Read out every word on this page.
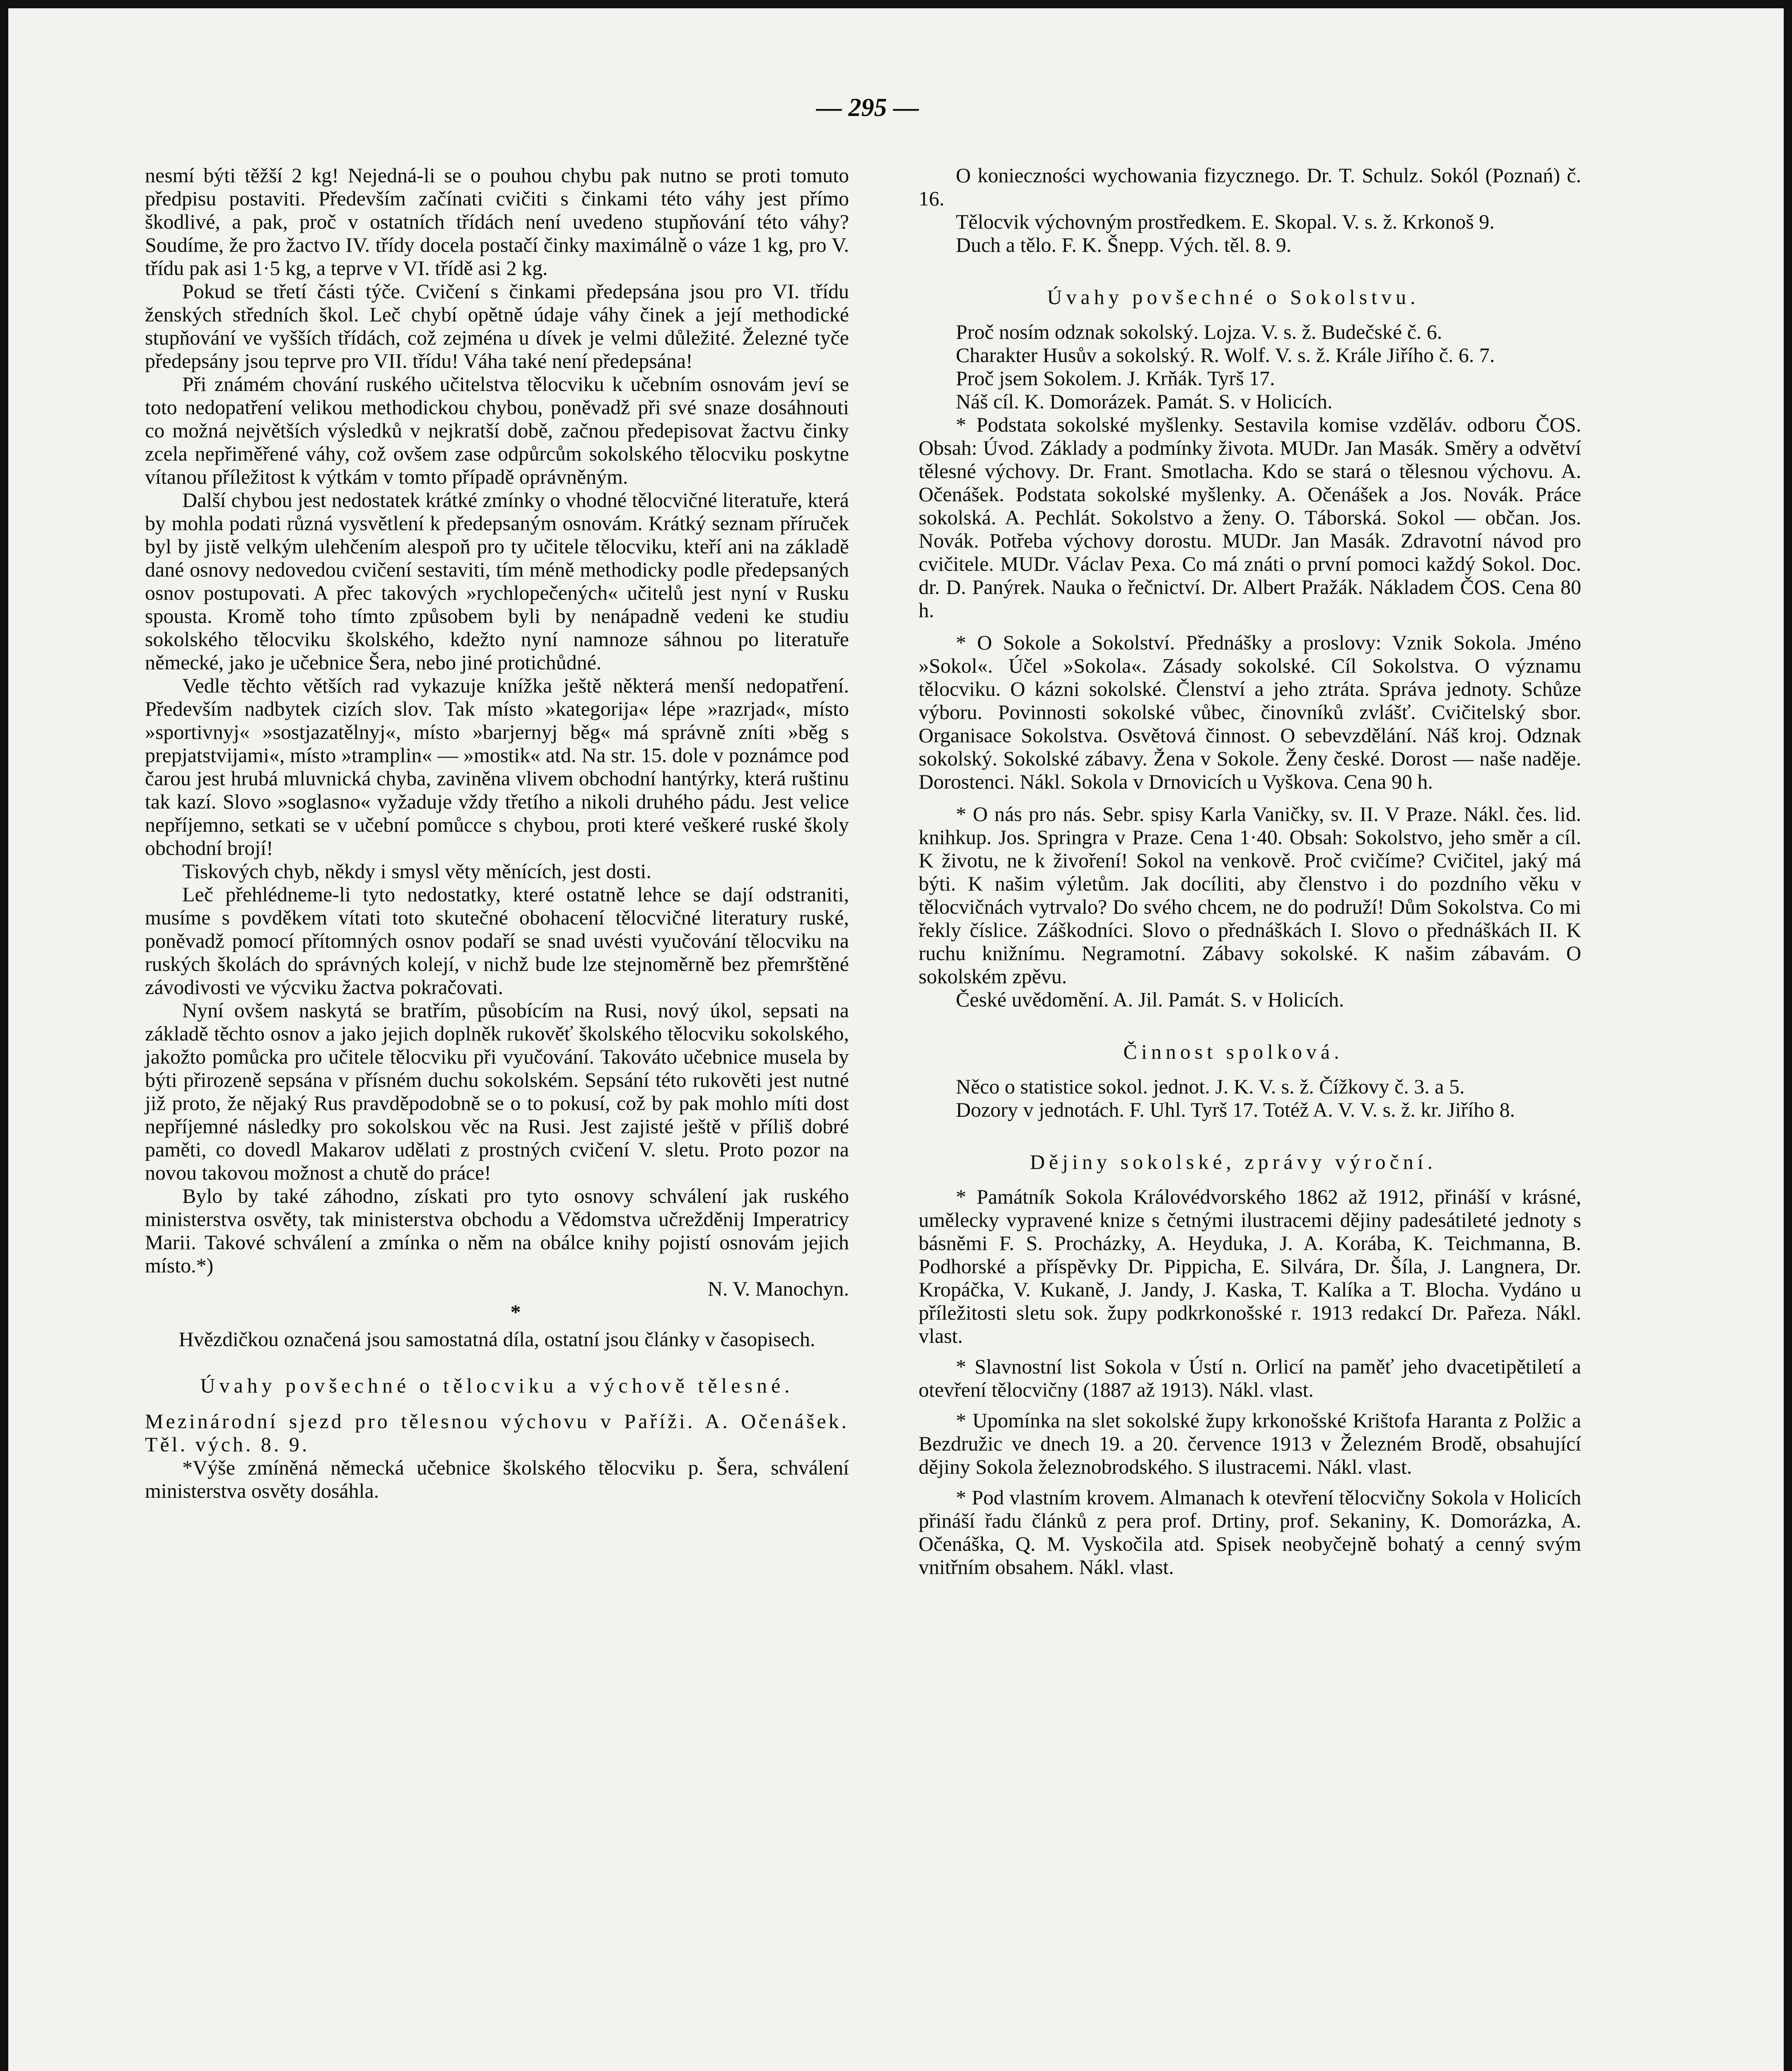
— 295 —

nesmí býti těžší 2 kg! Nejedná-li se o pouhou chybu pak nutno se proti tomuto předpisu postaviti. Především začínati cvičiti s činkami této váhy jest přímo škodlivé, a pak, proč v ostatních třídách není uvedeno stupňování této váhy? Soudíme, že pro žactvo IV. třídy docela postačí činky maximálně o váze 1 kg, pro V. třídu pak asi 1·5 kg, a teprve v VI. třídě asi 2 kg.

Pokud se třetí části týče. Cvičení s činkami předepsána jsou pro VI. třídu ženských středních škol. Leč chybí opětně údaje váhy činek a její methodické stupňování ve vyšších třídách, což zejména u dívek je velmi důležité. Železné tyče předepsány jsou teprve pro VII. třídu! Váha také není předepsána!

Při známém chování ruského učitelstva tělocviku k učebním osnovám jeví se toto nedopatření velikou methodickou chybou, poněvadž při své snaze dosáhnouti co možná největších výsledků v nejkratší době, začnou předepisovat žactvu činky zcela nepřiměřené váhy, což ovšem zase odpůrcům sokolského tělocviku poskytne vítanou příležitost k výtkám v tomto případě oprávněným.

Další chybou jest nedostatek krátké zmínky o vhodné tělocvičné literatuře, která by mohla podati různá vysvětlení k předepsaným osnovám. Krátký seznam příruček byl by jistě velkým ulehčením alespoň pro ty učitele tělocviku, kteří ani na základě dané osnovy nedovedou cvičení sestaviti, tím méně methodicky podle předepsaných osnov postupovati. A přec takových »rychlopečených« učitelů jest nyní v Rusku spousta. Kromě toho tímto způsobem byli by nenápadně vedeni ke studiu sokolského tělocviku školského, kdežto nyní namnoze sáhnou po literatuře německé, jako je učebnice Šera, nebo jiné protichůdné.

Vedle těchto větších rad vykazuje knížka ještě některá menší nedopatření. Především nadbytek cizích slov. Tak místo »kategorija« lépe »razrjad«, místo »sportivnyj« »sostjazatělnyj«, místo »barjernyj běg« má správně zníti »běg s prepjatstvijami«, místo »tramplin« — »mostik« atd. Na str. 15. dole v poznámce pod čarou jest hrubá mluvnická chyba, zaviněna vlivem obchodní hantýrky, která ruštinu tak kazí. Slovo »soglasno« vyžaduje vždy třetího a nikoli druhého pádu. Jest velice nepříjemno, setkati se v učební pomůcce s chybou, proti které veškeré ruské školy obchodní brojí!

Tiskových chyb, někdy i smysl věty měnících, jest dosti.

Leč přehlédneme-li tyto nedostatky, které ostatně lehce se dají odstraniti, musíme s povděkem vítati toto skutečné obohacení tělocvičné literatury ruské, poněvadž pomocí přítomných osnov podaří se snad uvésti vyučování tělocviku na ruských školách do správných kolejí, v nichž bude lze stejnoměrně bez přemrštěné závodivosti ve výcviku žactva pokračovati.

Nyní ovšem naskytá se bratřím, působícím na Rusi, nový úkol, sepsati na základě těchto osnov a jako jejich doplněk rukověť školského tělocviku sokolského, jakožto pomůcka pro učitele tělocviku při vyučování. Takováto učebnice musela by býti přirozeně sepsána v přísném duchu sokolském. Sepsání této rukověti jest nutné již proto, že nějaký Rus pravděpodobně se o to pokusí, což by pak mohlo míti dost nepříjemné následky pro sokolskou věc na Rusi. Jest zajisté ještě v příliš dobré paměti, co dovedl Makarov udělati z prostných cvičení V. sletu. Proto pozor na novou takovou možnost a chutě do práce!

Bylo by také záhodno, získati pro tyto osnovy schválení jak ruského ministerstva osvěty, tak ministerstva obchodu a Vědomstva učrežděnij Imperatricy Marii. Takové schválení a zmínka o něm na obálce knihy pojistí osnovám jejich místo.*)

N. V. Manochyn.

*

Hvězdičkou označená jsou samostatná díla, ostatní jsou články v časopisech.

Úvahy povšechné o tělocviku a výchově tělesné.

Mezinárodní sjezd pro tělesnou výchovu v Paříži. A. Očenášek. Těl. vých. 8. 9.

*Výše zmíněná německá učebnice školského tělocviku p. Šera, schválení ministerstva osvěty dosáhla.

O konieczności wychowania fizycznego. Dr. T. Schulz. Sokól (Poznań) č. 16.

Tělocvik výchovným prostředkem. E. Skopal. V. s. ž. Krkonoš 9.

Duch a tělo. F. K. Šnepp. Vých. těl. 8. 9.

Úvahy povšechné o Sokolstvu.

Proč nosím odznak sokolský. Lojza. V. s. ž. Budečské č. 6.

Charakter Husův a sokolský. R. Wolf. V. s. ž. Krále Jiřího č. 6. 7.

Proč jsem Sokolem. J. Krňák. Tyrš 17.

Náš cíl. K. Domorázek. Památ. S. v Holicích.

* Podstata sokolské myšlenky. Sestavila komise vzděláv. odboru ČOS. Obsah: Úvod. Základy a podmínky života. MUDr. Jan Masák. Směry a odvětví tělesné výchovy. Dr. Frant. Smotlacha. Kdo se stará o tělesnou výchovu. A. Očenášek. Podstata sokolské myšlenky. A. Očenášek a Jos. Novák. Práce sokolská. A. Pechlát. Sokolstvo a ženy. O. Táborská. Sokol — občan. Jos. Novák. Potřeba výchovy dorostu. MUDr. Jan Masák. Zdravotní návod pro cvičitele. MUDr. Václav Pexa. Co má znáti o první pomoci každý Sokol. Doc. dr. D. Panýrek. Nauka o řečnictví. Dr. Albert Pražák. Nákladem ČOS. Cena 80 h.

* O Sokole a Sokolství. Přednášky a proslovy: Vznik Sokola. Jméno »Sokol«. Účel »Sokola«. Zásady sokolské. Cíl Sokolstva. O významu tělocviku. O kázni sokolské. Členství a jeho ztráta. Správa jednoty. Schůze výboru. Povinnosti sokolské vůbec, činovníků zvlášť. Cvičitelský sbor. Organisace Sokolstva. Osvětová činnost. O sebevzdělání. Náš kroj. Odznak sokolský. Sokolské zábavy. Žena v Sokole. Ženy české. Dorost — naše naděje. Dorostenci. Nákl. Sokola v Drnovicích u Vyškova. Cena 90 h.

* O nás pro nás. Sebr. spisy Karla Vaničky, sv. II. V Praze. Nákl. čes. lid. knihkup. Jos. Springra v Praze. Cena 1·40. Obsah: Sokolstvo, jeho směr a cíl. K životu, ne k živoření! Sokol na venkově. Proč cvičíme? Cvičitel, jaký má býti. K našim výletům. Jak docíliti, aby členstvo i do pozdního věku v tělocvičnách vytrvalo? Do svého chcem, ne do podruží! Dům Sokolstva. Co mi řekly číslice. Záškodníci. Slovo o přednáškách I. Slovo o přednáškách II. K ruchu knižnímu. Negramotní. Zábavy sokolské. K našim zábavám. O sokolském zpěvu.

České uvědomění. A. Jil. Památ. S. v Holicích.

Činnost spolková.

Něco o statistice sokol. jednot. J. K. V. s. ž. Čížkovy č. 3. a 5.

Dozory v jednotách. F. Uhl. Tyrš 17. Totéž A. V. V. s. ž. kr. Jiřího 8.

Dějiny sokolské, zprávy výroční.

* Památník Sokola Královédvorského 1862 až 1912, přináší v krásné, umělecky vypravené knize s četnými ilustracemi dějiny padesátileté jednoty s básněmi F. S. Procházky, A. Heyduka, J. A. Korába, K. Teichmanna, B. Podhorské a příspěvky Dr. Pippicha, E. Silvára, Dr. Šíla, J. Langnera, Dr. Kropáčka, V. Kukaně, J. Jandy, J. Kaska, T. Kalíka a T. Blocha. Vydáno u příležitosti sletu sok. župy podkrkonošské r. 1913 redakcí Dr. Pařeza. Nákl. vlast.

* Slavnostní list Sokola v Ústí n. Orlicí na paměť jeho dvacetipětiletí a otevření tělocvičny (1887 až 1913). Nákl. vlast.

* Upomínka na slet sokolské župy krkonošské Krištofa Haranta z Polžic a Bezdružic ve dnech 19. a 20. července 1913 v Železném Brodě, obsahující dějiny Sokola železnobrodského. S ilustracemi. Nákl. vlast.

* Pod vlastním krovem. Almanach k otevření tělocvičny Sokola v Holicích přináší řadu článků z pera prof. Drtiny, prof. Sekaniny, K. Domorázka, A. Očenáška, Q. M. Vyskočila atd. Spisek neobyčejně bohatý a cenný svým vnitřním obsahem. Nákl. vlast.
